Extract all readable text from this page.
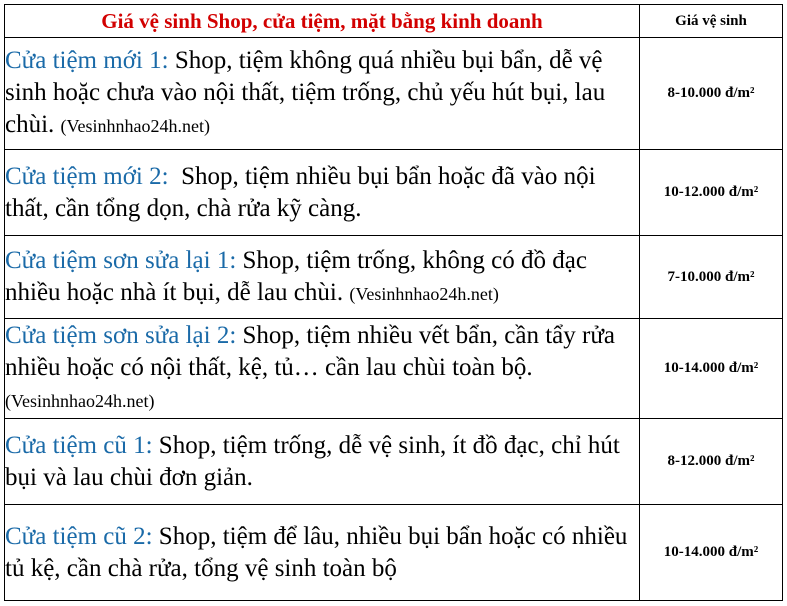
Giá vệ sinh Shop, cửa tiệm, mặt bằng kinh doanh	Giá vệ sinh
Cửa tiệm mới 1: Shop, tiệm không quá nhiều bụi bẩn, dễ vệ sinh hoặc chưa vào nội thất, tiệm trống, chủ yếu hút bụi, lau chùi. (Vesinhnhao24h.net)	8-10.000 đ/m²
Cửa tiệm mới 2:  Shop, tiệm nhiều bụi bẩn hoặc đã vào nội thất, cần tổng dọn, chà rửa kỹ càng.	10-12.000 đ/m²
Cửa tiệm sơn sửa lại 1: Shop, tiệm trống, không có đồ đạc nhiều hoặc nhà ít bụi, dễ lau chùi. (Vesinhnhao24h.net)	7-10.000 đ/m²
Cửa tiệm sơn sửa lại 2: Shop, tiệm nhiều vết bẩn, cần tẩy rửa nhiều hoặc có nội thất, kệ, tủ… cần lau chùi toàn bộ. (Vesinhnhao24h.net)	10-14.000 đ/m²
Cửa tiệm cũ 1: Shop, tiệm trống, dễ vệ sinh, ít đồ đạc, chỉ hút bụi và lau chùi đơn giản.	8-12.000 đ/m²
Cửa tiệm cũ 2: Shop, tiệm để lâu, nhiều bụi bẩn hoặc có nhiều tủ kệ, cần chà rửa, tổng vệ sinh toàn bộ	10-14.000 đ/m²
